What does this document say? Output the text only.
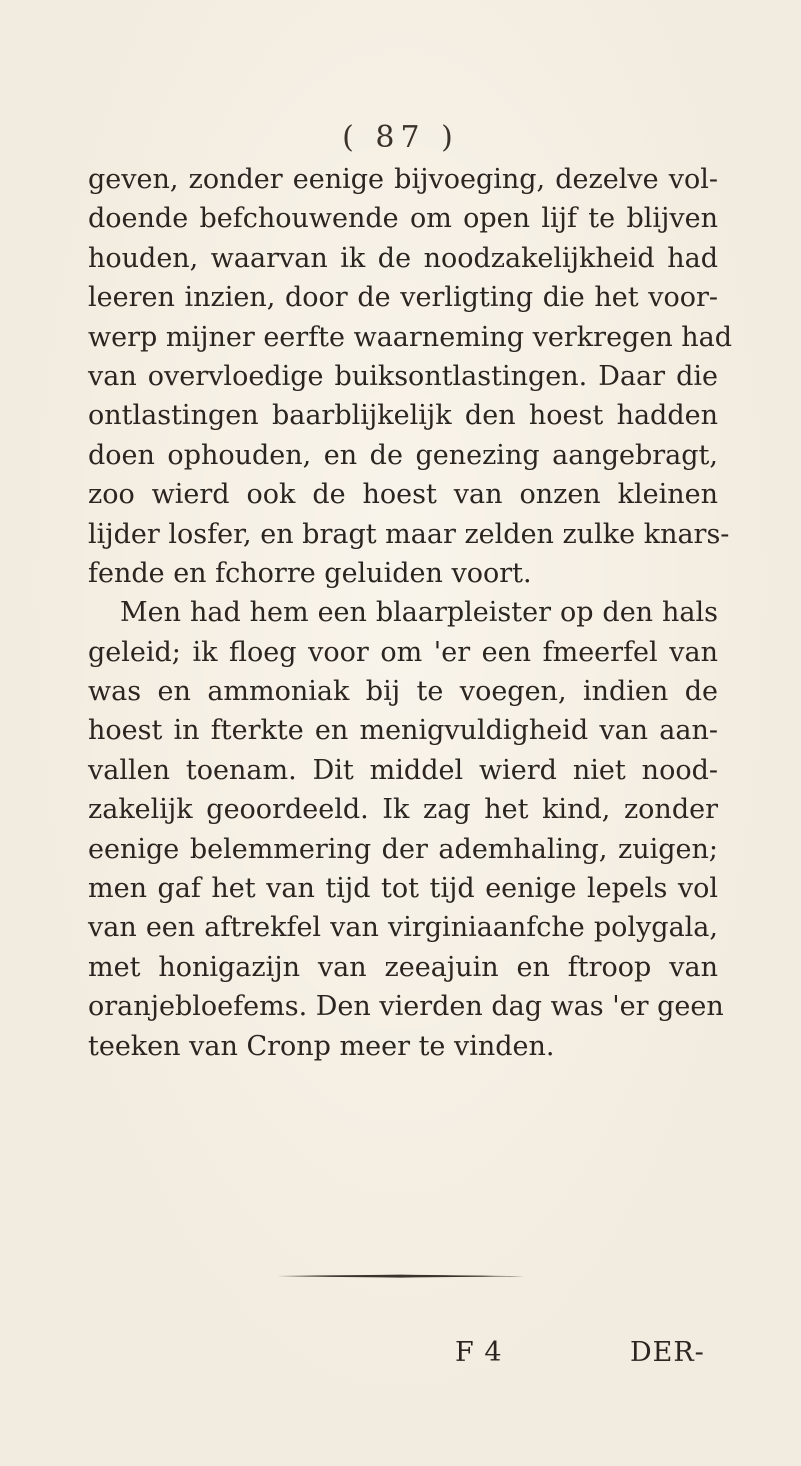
( 87 )
geven, zonder eenige bijvoeging, dezelve vol-
doende befchouwende om open lijf te blijven
houden, waarvan ik de noodzakelijkheid had
leeren inzien, door de verligting die het voor-
werp mijner eerfte waarneming verkregen had
van overvloedige buiksontlastingen. Daar die
ontlastingen baarblijkelijk den hoest hadden
doen ophouden, en de genezing aangebragt,
zoo wierd ook de hoest van onzen kleinen
lijder losfer, en bragt maar zelden zulke knars-
fende en fchorre geluiden voort.
Men had hem een blaarpleister op den hals
geleid; ik floeg voor om 'er een fmeerfel van
was en ammoniak bij te voegen, indien de
hoest in fterkte en menigvuldigheid van aan-
vallen toenam. Dit middel wierd niet nood-
zakelijk geoordeeld. Ik zag het kind, zonder
eenige belemmering der ademhaling, zuigen;
men gaf het van tijd tot tijd eenige lepels vol
van een aftrekfel van virginiaanfche polygala,
met honigazijn van zeeajuin en ftroop van
oranjebloefems. Den vierden dag was 'er geen
teeken van Cronp meer te vinden.
F 4	DER-
